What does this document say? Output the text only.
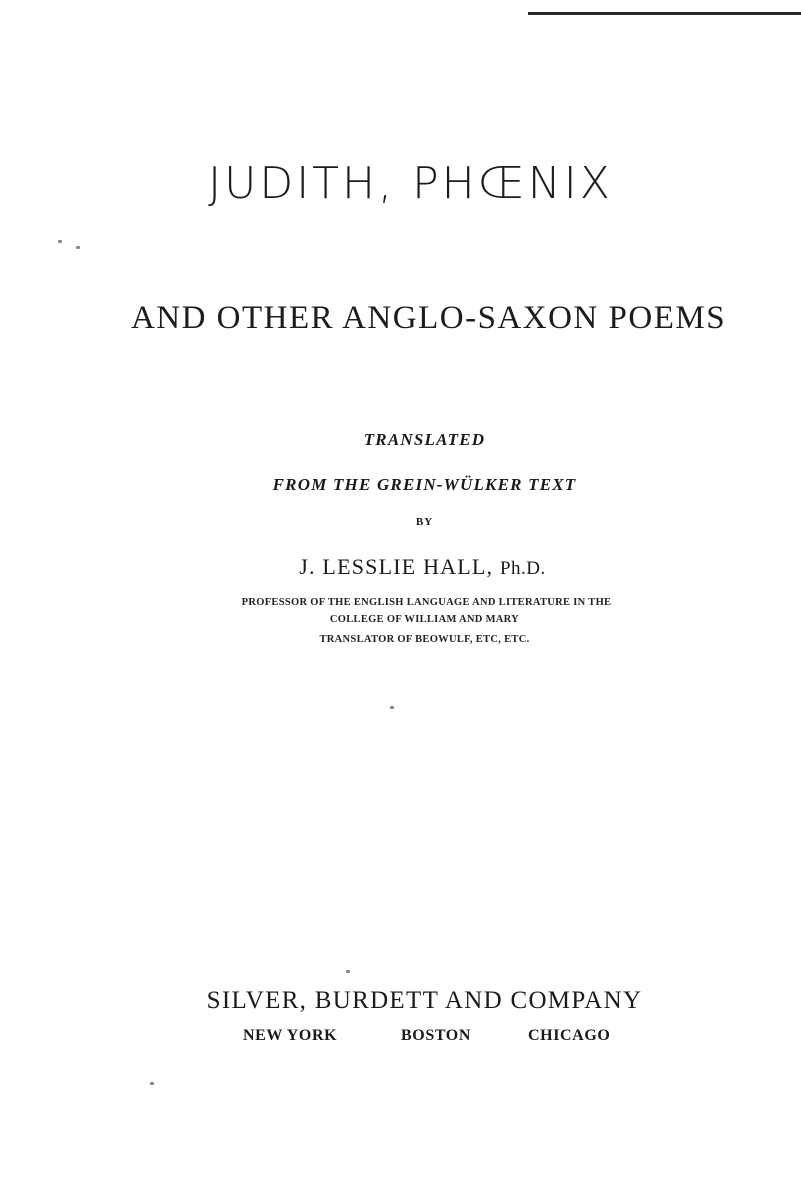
JUDITH, PHŒNIX
AND OTHER ANGLO-SAXON POEMS
TRANSLATED
FROM THE GREIN-WÜLKER TEXT
BY
J. LESSLIE HALL, Ph.D.
PROFESSOR OF THE ENGLISH LANGUAGE AND LITERATURE IN THE
COLLEGE OF WILLIAM AND MARY
TRANSLATOR OF BEOWULF, ETC, ETC.
SILVER, BURDETT AND COMPANY
NEW YORK	BOSTON	CHICAGO
